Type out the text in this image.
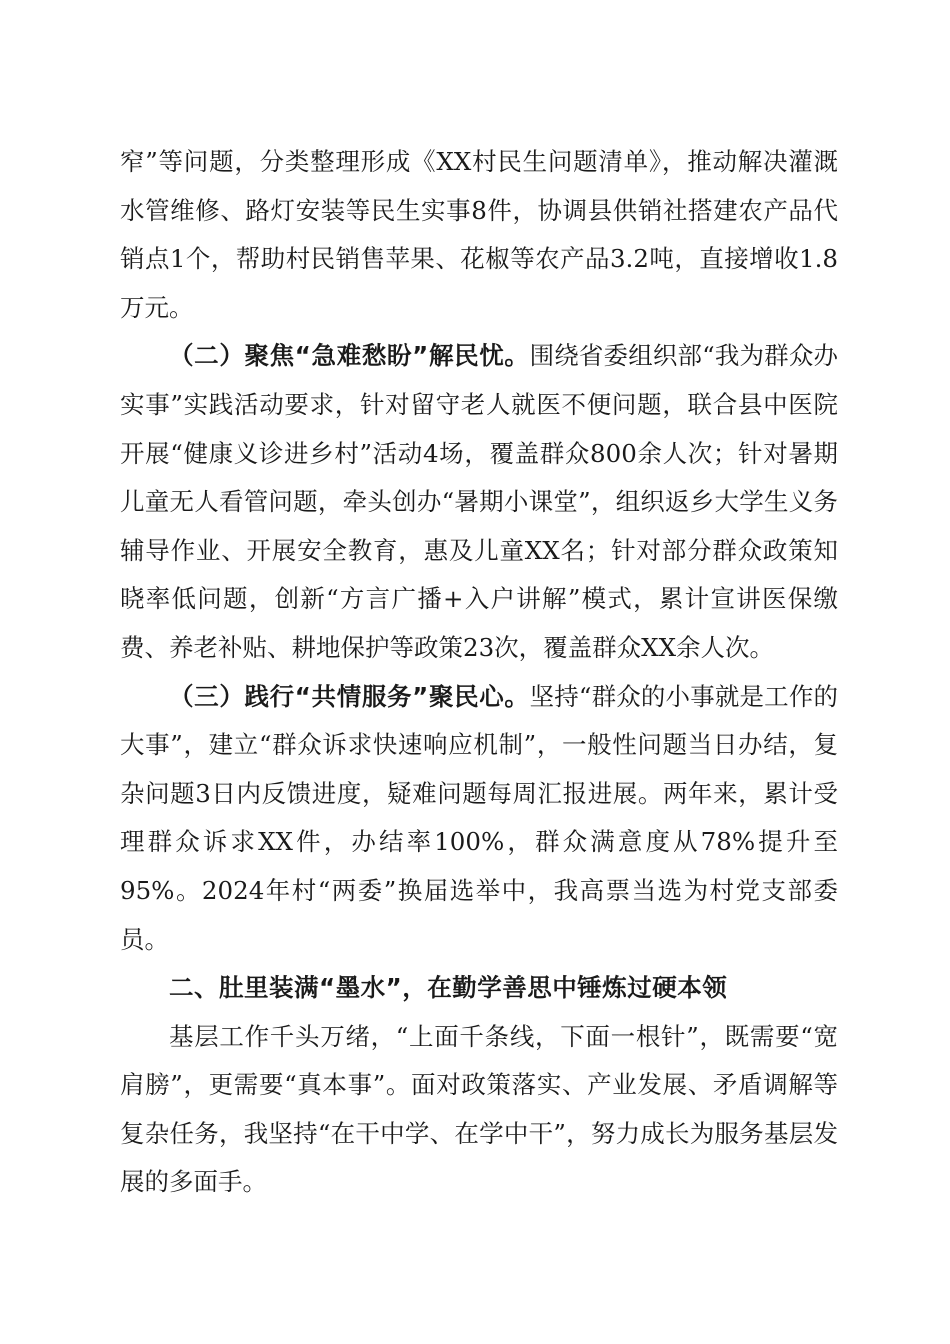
窄”等问题，分类整理形成《XX村民生问题清单》，推动解决灌溉水管维修、路灯安装等民生实事8件，协调县供销社搭建农产品代销点1个，帮助村民销售苹果、花椒等农产品3.2吨，直接增收1.8万元。

（二）聚焦“急难愁盼”解民忧。围绕省委组织部“我为群众办实事”实践活动要求，针对留守老人就医不便问题，联合县中医院开展“健康义诊进乡村”活动4场，覆盖群众800余人次；针对暑期儿童无人看管问题，牵头创办“暑期小课堂”，组织返乡大学生义务辅导作业、开展安全教育，惠及儿童XX名；针对部分群众政策知晓率低问题，创新“方言广播+入户讲解”模式，累计宣讲医保缴费、养老补贴、耕地保护等政策23次，覆盖群众XX余人次。

（三）践行“共情服务”聚民心。坚持“群众的小事就是工作的大事”，建立“群众诉求快速响应机制”，一般性问题当日办结，复杂问题3日内反馈进度，疑难问题每周汇报进展。两年来，累计受理群众诉求XX件，办结率100%，群众满意度从78%提升至95%。2024年村“两委”换届选举中，我高票当选为村党支部委员。

二、肚里装满“墨水”，在勤学善思中锤炼过硬本领

基层工作千头万绪，“上面千条线，下面一根针”，既需要“宽肩膀”，更需要“真本事”。面对政策落实、产业发展、矛盾调解等复杂任务，我坚持“在干中学、在学中干”，努力成长为服务基层发展的多面手。
